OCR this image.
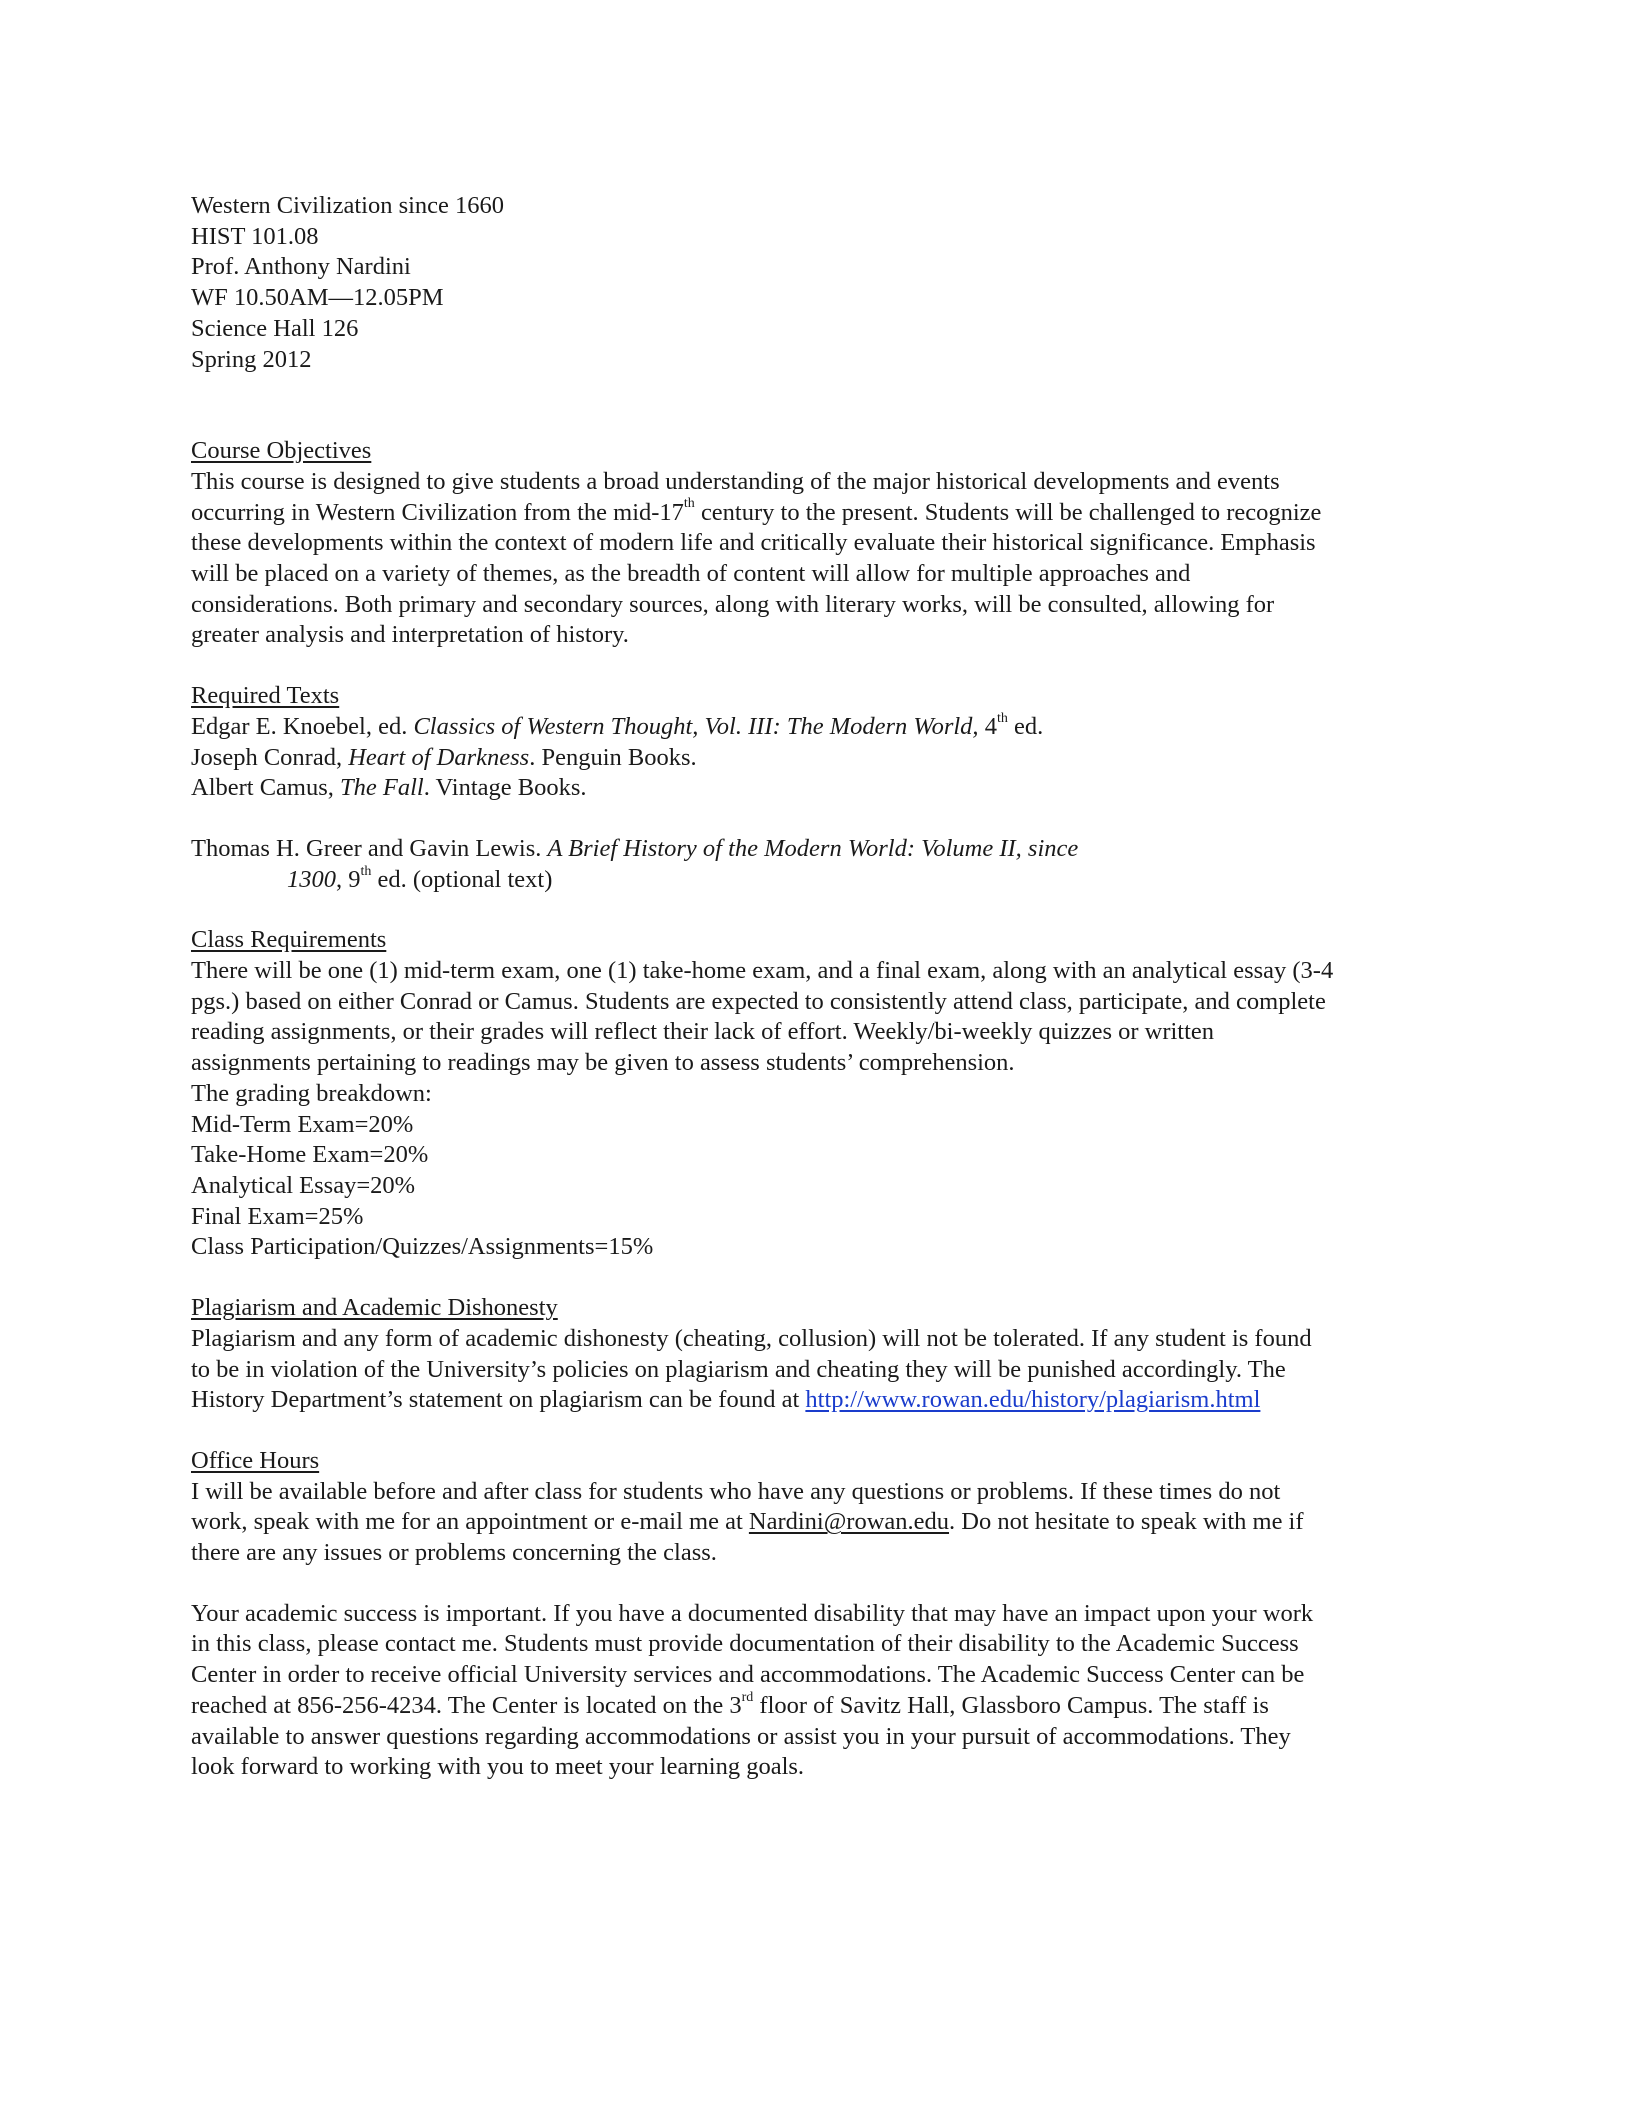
Western Civilization since 1660
HIST 101.08
Prof. Anthony Nardini
WF 10.50AM—12.05PM
Science Hall 126
Spring 2012
Course Objectives
This course is designed to give students a broad understanding of the major historical developments and events
occurring in Western Civilization from the mid-17th century to the present. Students will be challenged to recognize
these developments within the context of modern life and critically evaluate their historical significance. Emphasis
will be placed on a variety of themes, as the breadth of content will allow for multiple approaches and
considerations. Both primary and secondary sources, along with literary works, will be consulted, allowing for
greater analysis and interpretation of history.
Required Texts
Edgar E. Knoebel, ed. Classics of Western Thought, Vol. III: The Modern World, 4th ed.
Joseph Conrad, Heart of Darkness. Penguin Books.
Albert Camus, The Fall. Vintage Books.
Thomas H. Greer and Gavin Lewis. A Brief History of the Modern World: Volume II, since
1300, 9th ed. (optional text)
Class Requirements
There will be one (1) mid-term exam, one (1) take-home exam, and a final exam, along with an analytical essay (3-4
pgs.) based on either Conrad or Camus. Students are expected to consistently attend class, participate, and complete
reading assignments, or their grades will reflect their lack of effort. Weekly/bi-weekly quizzes or written
assignments pertaining to readings may be given to assess students’ comprehension.
The grading breakdown:
Mid-Term Exam=20%
Take-Home Exam=20%
Analytical Essay=20%
Final Exam=25%
Class Participation/Quizzes/Assignments=15%
Plagiarism and Academic Dishonesty
Plagiarism and any form of academic dishonesty (cheating, collusion) will not be tolerated. If any student is found
to be in violation of the University’s policies on plagiarism and cheating they will be punished accordingly. The
History Department’s statement on plagiarism can be found at http://www.rowan.edu/history/plagiarism.html
Office Hours
I will be available before and after class for students who have any questions or problems. If these times do not
work, speak with me for an appointment or e-mail me at Nardini@rowan.edu. Do not hesitate to speak with me if
there are any issues or problems concerning the class.
Your academic success is important. If you have a documented disability that may have an impact upon your work
in this class, please contact me. Students must provide documentation of their disability to the Academic Success
Center in order to receive official University services and accommodations. The Academic Success Center can be
reached at 856-256-4234. The Center is located on the 3rd floor of Savitz Hall, Glassboro Campus. The staff is
available to answer questions regarding accommodations or assist you in your pursuit of accommodations. They
look forward to working with you to meet your learning goals.
